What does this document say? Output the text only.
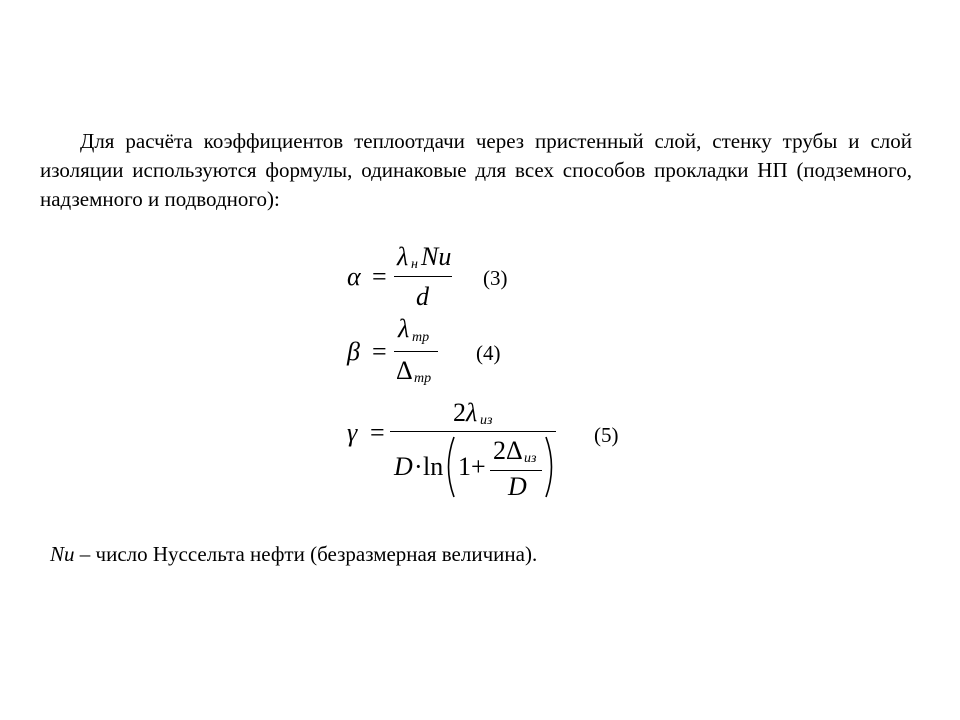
Для расчёта коэффициентов теплоотдачи через пристенный слой, стенку трубы и слой изоляции используются формулы, одинаковые для всех способов прокладки НП (подземного, надземного и подводного):

α =
λ н Nu
d
(3)
β =
λ тр
Δ тр
(4)
γ =
2 λ из
D · ln 1+
2 Δ из
D
(5)

Nu – число Нуссельта нефти (безразмерная величина).
